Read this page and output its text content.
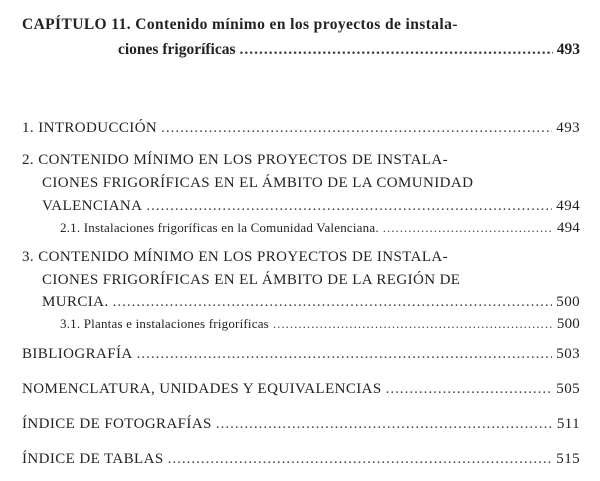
CAPÍTULO 11. Contenido mínimo en los proyectos de instala-
ciones frigoríficas .....	493
1. INTRODUCCIÓN .....	493
2. CONTENIDO MÍNIMO EN LOS PROYECTOS DE INSTALA-
CIONES FRIGORÍFICAS EN EL ÁMBITO DE LA COMUNIDAD
VALENCIANA .....	494
2.1. Instalaciones frigoríficas en la Comunidad Valenciana. .....	494
3. CONTENIDO MÍNIMO EN LOS PROYECTOS DE INSTALA-
CIONES FRIGORÍFICAS EN EL ÁMBITO DE LA REGIÓN DE
MURCIA. .....	500
3.1. Plantas e instalaciones frigoríficas .....	500
BIBLIOGRAFÍA .....	503
NOMENCLATURA, UNIDADES Y EQUIVALENCIAS .....	505
ÍNDICE DE FOTOGRAFÍAS .....	511
ÍNDICE DE TABLAS .....	515
